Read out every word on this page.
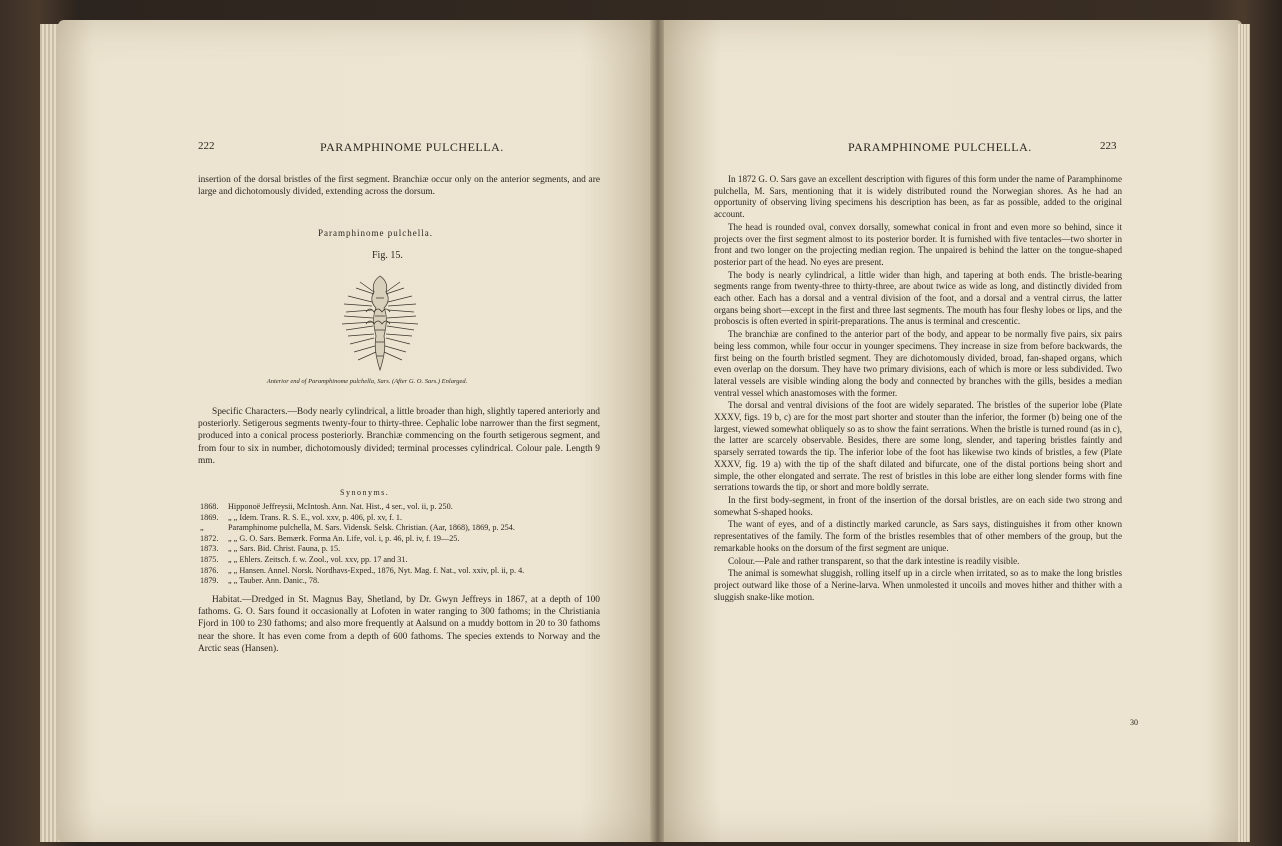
222	PARAMPHINOME PULCHELLA.

insertion of the dorsal bristles of the first segment. Branchiæ occur only on the anterior segments, and are large and dichotomously divided, extending across the dorsum.

Paramphinome pulchella.
Fig. 15.
Anterior end of Paramphinome pulchella, Sars. (After G. O. Sars.) Enlarged.

Specific Characters.—Body nearly cylindrical, a little broader than high, slightly tapered anteriorly and posteriorly. Setigerous segments twenty-four to thirty-three. Cephalic lobe narrower than the first segment, produced into a conical process posteriorly. Branchiæ commencing on the fourth setigerous segment, and from four to six in number, dichotomously divided; terminal processes cylindrical. Colour pale. Length 9 mm.

Synonyms.
1868.	Hipponoë Jeffreysii, McIntosh. Ann. Nat. Hist., 4 ser., vol. ii, p. 250.
1869.	„ „ Idem. Trans. R. S. E., vol. xxv, p. 406, pl. xv, f. 1.
„	Paramphinome pulchella, M. Sars. Vidensk. Selsk. Christian. (Aar, 1868), 1869, p. 254.
1872.	„ „ G. O. Sars. Bemærk. Forma An. Life, vol. i, p. 46, pl. iv, f. 19—25.
1873.	„ „ Sars. Bid. Christ. Fauna, p. 15.
1875.	„ „ Ehlers. Zeitsch. f. w. Zool., vol. xxv, pp. 17 and 31.
1876.	„ „ Hansen. Annel. Norsk. Nordhavs-Exped., 1876, Nyt. Mag. f. Nat., vol. xxiv, pl. ii, p. 4.
1879.	„ „ Tauber. Ann. Danic., 78.

Habitat.—Dredged in St. Magnus Bay, Shetland, by Dr. Gwyn Jeffreys in 1867, at a depth of 100 fathoms. G. O. Sars found it occasionally at Lofoten in water ranging to 300 fathoms; in the Christiania Fjord in 100 to 230 fathoms; and also more frequently at Aalsund on a muddy bottom in 20 to 30 fathoms near the shore. It has even come from a depth of 600 fathoms. The species extends to Norway and the Arctic seas (Hansen).

PARAMPHINOME PULCHELLA.	223

In 1872 G. O. Sars gave an excellent description with figures of this form under the name of Paramphinome pulchella, M. Sars, mentioning that it is widely distributed round the Norwegian shores. As he had an opportunity of observing living specimens his description has been, as far as possible, added to the original account.

The head is rounded oval, convex dorsally, somewhat conical in front and even more so behind, since it projects over the first segment almost to its posterior border. It is furnished with five tentacles—two shorter in front and two longer on the projecting median region. The unpaired is behind the latter on the tongue-shaped posterior part of the head. No eyes are present.

The body is nearly cylindrical, a little wider than high, and tapering at both ends. The bristle-bearing segments range from twenty-three to thirty-three, are about twice as wide as long, and distinctly divided from each other. Each has a dorsal and a ventral division of the foot, and a dorsal and a ventral cirrus, the latter organs being short—except in the first and three last segments. The mouth has four fleshy lobes or lips, and the proboscis is often everted in spirit-preparations. The anus is terminal and crescentic.

The branchiæ are confined to the anterior part of the body, and appear to be normally five pairs, six pairs being less common, while four occur in younger specimens. They increase in size from before backwards, the first being on the fourth bristled segment. They are dichotomously divided, broad, fan-shaped organs, which even overlap on the dorsum. They have two primary divisions, each of which is more or less subdivided. Two lateral vessels are visible winding along the body and connected by branches with the gills, besides a median ventral vessel which anastomoses with the former.

The dorsal and ventral divisions of the foot are widely separated. The bristles of the superior lobe (Plate XXXV, figs. 19 b, c) are for the most part shorter and stouter than the inferior, the former (b) being one of the largest, viewed somewhat obliquely so as to show the faint serrations. When the bristle is turned round (as in c), the latter are scarcely observable. Besides, there are some long, slender, and tapering bristles faintly and sparsely serrated towards the tip. The inferior lobe of the foot has likewise two kinds of bristles, a few (Plate XXXV, fig. 19 a) with the tip of the shaft dilated and bifurcate, one of the distal portions being short and simple, the other elongated and serrate. The rest of bristles in this lobe are either long slender forms with fine serrations towards the tip, or short and more boldly serrate.

In the first body-segment, in front of the insertion of the dorsal bristles, are on each side two strong and somewhat S-shaped hooks.

The want of eyes, and of a distinctly marked caruncle, as Sars says, distinguishes it from other known representatives of the family. The form of the bristles resembles that of other members of the group, but the remarkable hooks on the dorsum of the first segment are unique.

Colour.—Pale and rather transparent, so that the dark intestine is readily visible.

The animal is somewhat sluggish, rolling itself up in a circle when irritated, so as to make the long bristles project outward like those of a Nerine-larva. When unmolested it uncoils and moves hither and thither with a sluggish snake-like motion.

30
